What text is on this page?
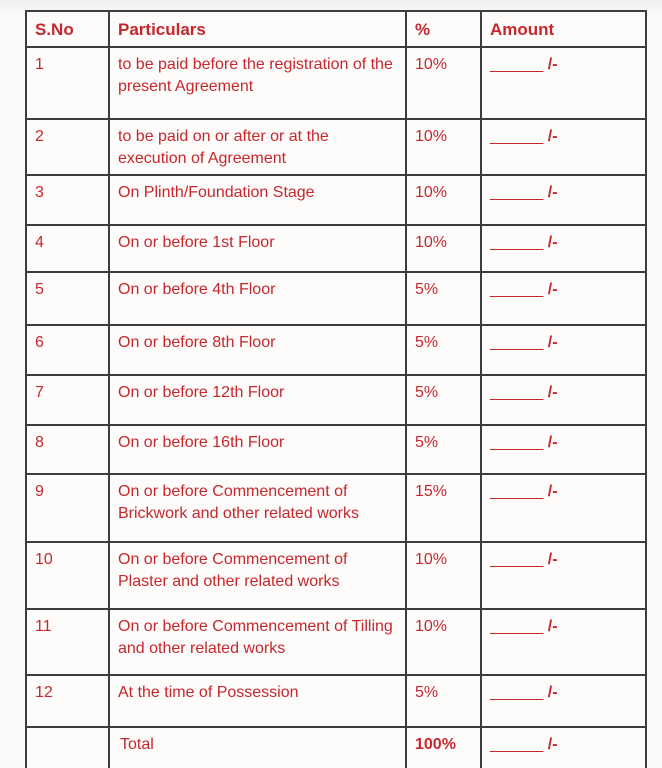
S.No	Particulars	%	Amount
1	to be paid before the registration of the present Agreement	10%	_______ /-
2	to be paid on or after or at the execution of Agreement	10%	_______ /-
3	On Plinth/Foundation Stage	10%	_______ /-
4	On or before 1st Floor	10%	_______ /-
5	On or before 4th Floor	5%	_______ /-
6	On or before 8th Floor	5%	_______ /-
7	On or before 12th Floor	5%	_______ /-
8	On or before 16th Floor	5%	_______ /-
9	On or before Commencement of Brickwork and other related works	15%	_______ /-
10	On or before Commencement of Plaster and other related works	10%	_______ /-
11	On or before Commencement of Tilling and other related works	10%	_______ /-
12	At the time of Possession	5%	_______ /-
	Total	100%	_______ /-
